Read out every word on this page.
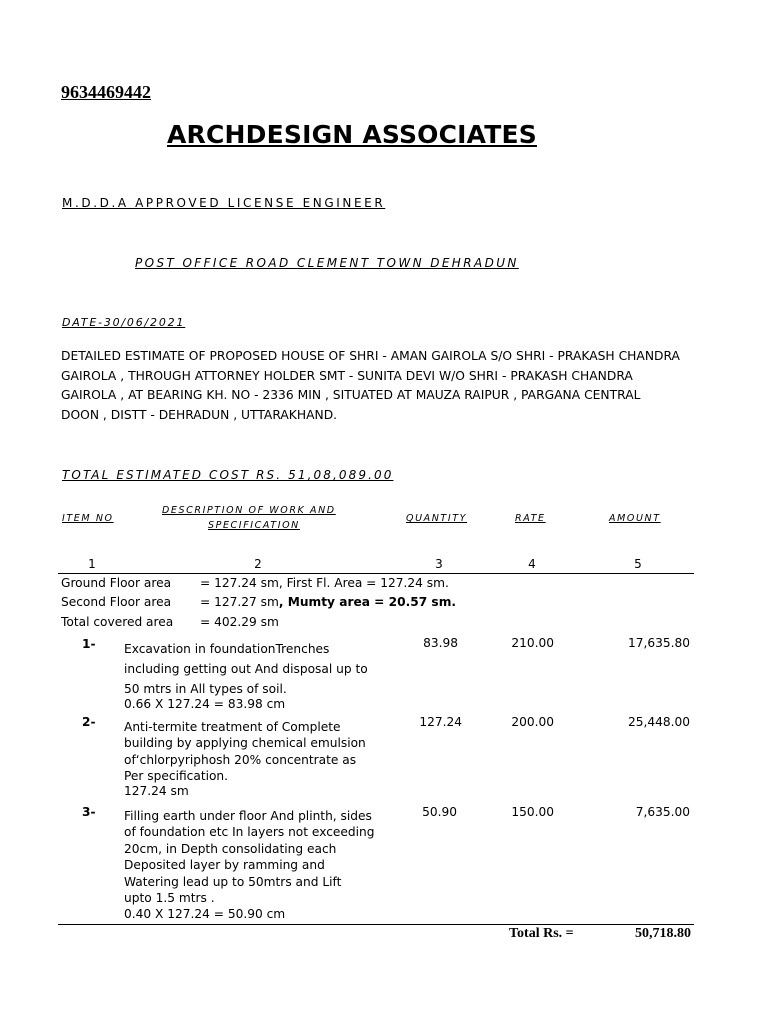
9634469442
ARCHDESIGN ASSOCIATES
M.D.D.A APPROVED LICENSE ENGINEER
POST OFFICE ROAD CLEMENT TOWN DEHRADUN
DATE-30/06/2021
DETAILED ESTIMATE OF PROPOSED HOUSE OF SHRI - AMAN GAIROLA S/O SHRI - PRAKASH CHANDRA GAIROLA , THROUGH ATTORNEY HOLDER SMT - SUNITA DEVI W/O SHRI - PRAKASH CHANDRA GAIROLA , AT BEARING KH. NO - 2336 MIN , SITUATED AT MAUZA RAIPUR , PARGANA CENTRAL DOON , DISTT - DEHRADUN , UTTARAKHAND.
TOTAL ESTIMATED COST RS. 51,08,089.00
ITEM NO
DESCRIPTION OF WORK AND
SPECIFICATION
QUANTITY	RATE	AMOUNT
1	2	3	4	5
Ground Floor area = 127.24 sm, First Fl. Area = 127.24 sm.
Second Floor area = 127.27 sm, Mumty area = 20.57 sm.
Total covered area = 402.29 sm
1- Excavation in foundationTrenches
including getting out And disposal up to
50 mtrs in All types of soil.
0.66 X 127.24 = 83.98 cm
83.98	210.00	17,635.80
2- Anti-termite treatment of Complete
building by applying chemical emulsion
of‘chlorpyriphosh 20% concentrate as
Per specification.
127.24 sm
127.24	200.00	25,448.00
3- Filling earth under floor And plinth, sides
of foundation etc In layers not exceeding
20cm, in Depth consolidating each
Deposited layer by ramming and
Watering lead up to 50mtrs and Lift
upto 1.5 mtrs .
0.40 X 127.24 = 50.90 cm
50.90	150.00	7,635.00
Total Rs. =	50,718.80
